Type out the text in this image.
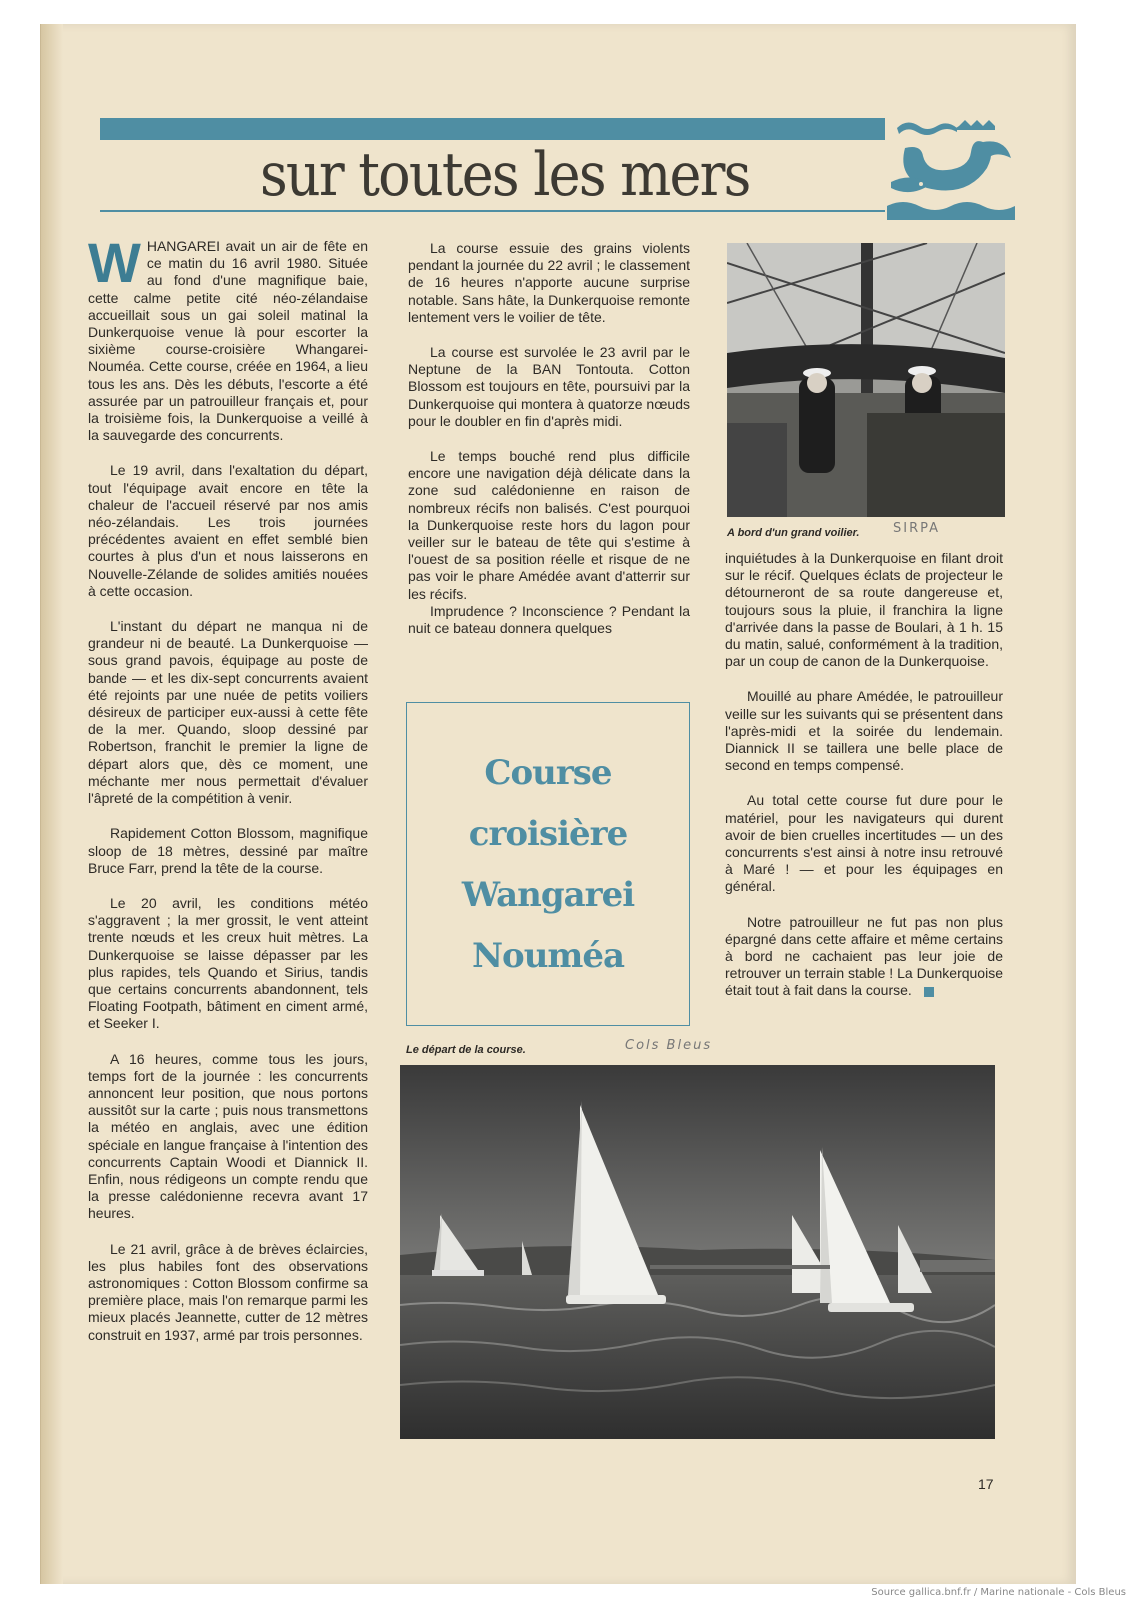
sur toutes les mers

WHANGAREI avait un air de fête en ce matin du 16 avril 1980. Située au fond d'une magnifique baie, cette calme petite cité néo-zélandaise accueillait sous un gai soleil matinal la Dunkerquoise venue là pour escorter la sixième course-croisière Whangarei-Nouméa. Cette course, créée en 1964, a lieu tous les ans. Dès les débuts, l'escorte a été assurée par un patrouilleur français et, pour la troisième fois, la Dunkerquoise a veillé à la sauvegarde des concurrents.

Le 19 avril, dans l'exaltation du départ, tout l'équipage avait encore en tête la chaleur de l'accueil réservé par nos amis néo-zélandais. Les trois journées précédentes avaient en effet semblé bien courtes à plus d'un et nous laisserons en Nouvelle-Zélande de solides amitiés nouées à cette occasion.

L'instant du départ ne manqua ni de grandeur ni de beauté. La Dunkerquoise — sous grand pavois, équipage au poste de bande — et les dix-sept concurrents avaient été rejoints par une nuée de petits voiliers désireux de participer eux-aussi à cette fête de la mer. Quando, sloop dessiné par Robertson, franchit le premier la ligne de départ alors que, dès ce moment, une méchante mer nous permettait d'évaluer l'âpreté de la compétition à venir.

Rapidement Cotton Blossom, magnifique sloop de 18 mètres, dessiné par maître Bruce Farr, prend la tête de la course.

Le 20 avril, les conditions météo s'aggravent ; la mer grossit, le vent atteint trente nœuds et les creux huit mètres. La Dunkerquoise se laisse dépasser par les plus rapides, tels Quando et Sirius, tandis que certains concurrents abandonnent, tels Floating Footpath, bâtiment en ciment armé, et Seeker I.

A 16 heures, comme tous les jours, temps fort de la journée : les concurrents annoncent leur position, que nous portons aussitôt sur la carte ; puis nous transmettons la météo en anglais, avec une édition spéciale en langue française à l'intention des concurrents Captain Woodi et Diannick II. Enfin, nous rédigeons un compte rendu que la presse calédonienne recevra avant 17 heures.

Le 21 avril, grâce à de brèves éclaircies, les plus habiles font des observations astronomiques : Cotton Blossom confirme sa première place, mais l'on remarque parmi les mieux placés Jeannette, cutter de 12 mètres construit en 1937, armé par trois personnes.

La course essuie des grains violents pendant la journée du 22 avril ; le classement de 16 heures n'apporte aucune surprise notable. Sans hâte, la Dunkerquoise remonte lentement vers le voilier de tête.

La course est survolée le 23 avril par le Neptune de la BAN Tontouta. Cotton Blossom est toujours en tête, poursuivi par la Dunkerquoise qui montera à quatorze nœuds pour le doubler en fin d'après midi.

Le temps bouché rend plus difficile encore une navigation déjà délicate dans la zone sud calédonienne en raison de nombreux récifs non balisés. C'est pourquoi la Dunkerquoise reste hors du lagon pour veiller sur le bateau de tête qui s'estime à l'ouest de sa position réelle et risque de ne pas voir le phare Amédée avant d'atterrir sur les récifs.

Imprudence ? Inconscience ? Pendant la nuit ce bateau donnera quelques

A bord d'un grand voilier.	SIRPA

inquiétudes à la Dunkerquoise en filant droit sur le récif. Quelques éclats de projecteur le détourneront de sa route dangereuse et, toujours sous la pluie, il franchira la ligne d'arrivée dans la passe de Boulari, à 1 h. 15 du matin, salué, conformément à la tradition, par un coup de canon de la Dunkerquoise.

Mouillé au phare Amédée, le patrouilleur veille sur les suivants qui se présentent dans l'après-midi et la soirée du lendemain. Diannick II se taillera une belle place de second en temps compensé.

Au total cette course fut dure pour le matériel, pour les navigateurs qui durent avoir de bien cruelles incertitudes — un des concurrents s'est ainsi à notre insu retrouvé à Maré ! — et pour les équipages en général.

Notre patrouilleur ne fut pas non plus épargné dans cette affaire et même certains à bord ne cachaient pas leur joie de retrouver un terrain stable ! La Dunkerquoise était tout à fait dans la course.

Course
croisière
Wangarei
Nouméa
Le départ de la course.	Cols Bleus
17
Source gallica.bnf.fr / Marine nationale - Cols Bleus
